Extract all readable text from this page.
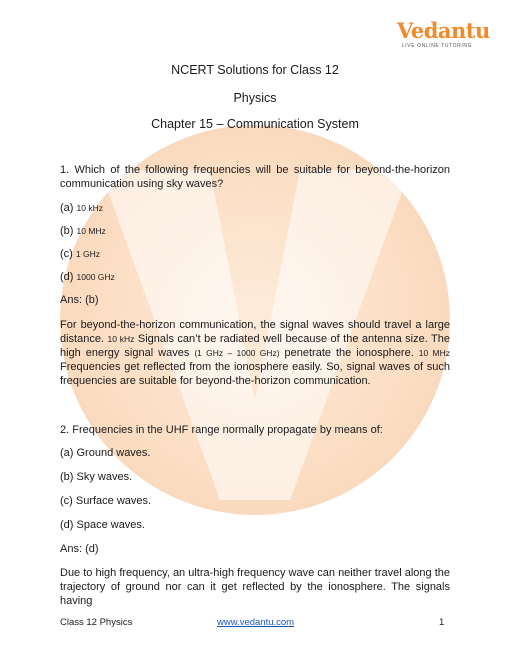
Vedantu
LIVE ONLINE TUTORING
NCERT Solutions for Class 12
Physics
Chapter 15 – Communication System
1. Which of the following frequencies will be suitable for beyond-the-horizon communication using sky waves?
(a) 10 kHz
(b) 10 MHz
(c) 1 GHz
(d) 1000 GHz
Ans: (b)
For beyond-the-horizon communication, the signal waves should travel a large distance. 10 kHz Signals can’t be radiated well because of the antenna size. The high energy signal waves (1 GHz – 1000 GHz) penetrate the ionosphere. 10 MHz Frequencies get reflected from the ionosphere easily. So, signal waves of such frequencies are suitable for beyond-the-horizon communication.
2. Frequencies in the UHF range normally propagate by means of:
(a) Ground waves.
(b) Sky waves.
(c) Surface waves.
(d) Space waves.
Ans: (d)
Due to high frequency, an ultra-high frequency wave can neither travel along the trajectory of ground nor can it get reflected by the ionosphere. The signals having
Class 12 Physics	www.vedantu.com	1
